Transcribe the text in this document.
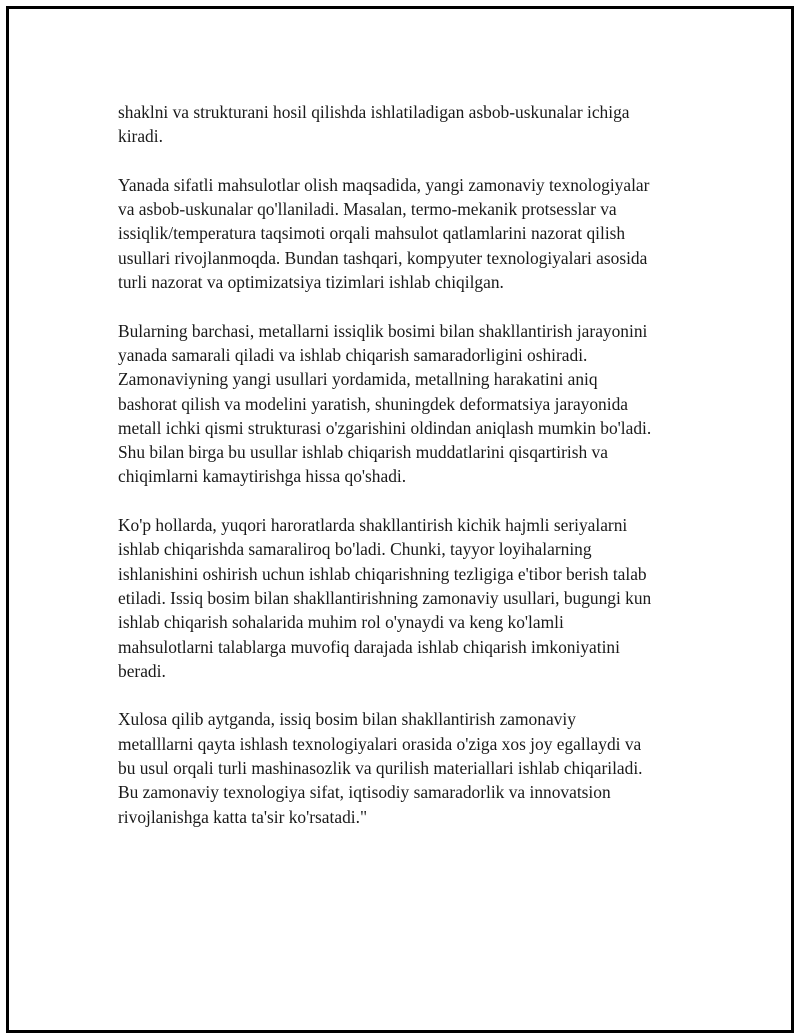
shaklni va strukturani hosil qilishda ishlatiladigan asbob-uskunalar ichiga
kiradi.

Yanada sifatli mahsulotlar olish maqsadida, yangi zamonaviy texnologiyalar
va asbob-uskunalar qo'llaniladi. Masalan, termo-mekanik protsesslar va
issiqlik/temperatura taqsimoti orqali mahsulot qatlamlarini nazorat qilish
usullari rivojlanmoqda. Bundan tashqari, kompyuter texnologiyalari asosida
turli nazorat va optimizatsiya tizimlari ishlab chiqilgan.

Bularning barchasi, metallarni issiqlik bosimi bilan shakllantirish jarayonini
yanada samarali qiladi va ishlab chiqarish samaradorligini oshiradi.
Zamonaviyning yangi usullari yordamida, metallning harakatini aniq
bashorat qilish va modelini yaratish, shuningdek deformatsiya jarayonida
metall ichki qismi strukturasi o'zgarishini oldindan aniqlash mumkin bo'ladi.
Shu bilan birga bu usullar ishlab chiqarish muddatlarini qisqartirish va
chiqimlarni kamaytirishga hissa qo'shadi.

Ko'p hollarda, yuqori haroratlarda shakllantirish kichik hajmli seriyalarni
ishlab chiqarishda samaraliroq bo'ladi. Chunki, tayyor loyihalarning
ishlanishini oshirish uchun ishlab chiqarishning tezligiga e'tibor berish talab
etiladi. Issiq bosim bilan shakllantirishning zamonaviy usullari, bugungi kun
ishlab chiqarish sohalarida muhim rol o'ynaydi va keng ko'lamli
mahsulotlarni talablarga muvofiq darajada ishlab chiqarish imkoniyatini
beradi.

Xulosa qilib aytganda, issiq bosim bilan shakllantirish zamonaviy
metalllarni qayta ishlash texnologiyalari orasida o'ziga xos joy egallaydi va
bu usul orqali turli mashinasozlik va qurilish materiallari ishlab chiqariladi.
Bu zamonaviy texnologiya sifat, iqtisodiy samaradorlik va innovatsion
rivojlanishga katta ta'sir ko'rsatadi."
